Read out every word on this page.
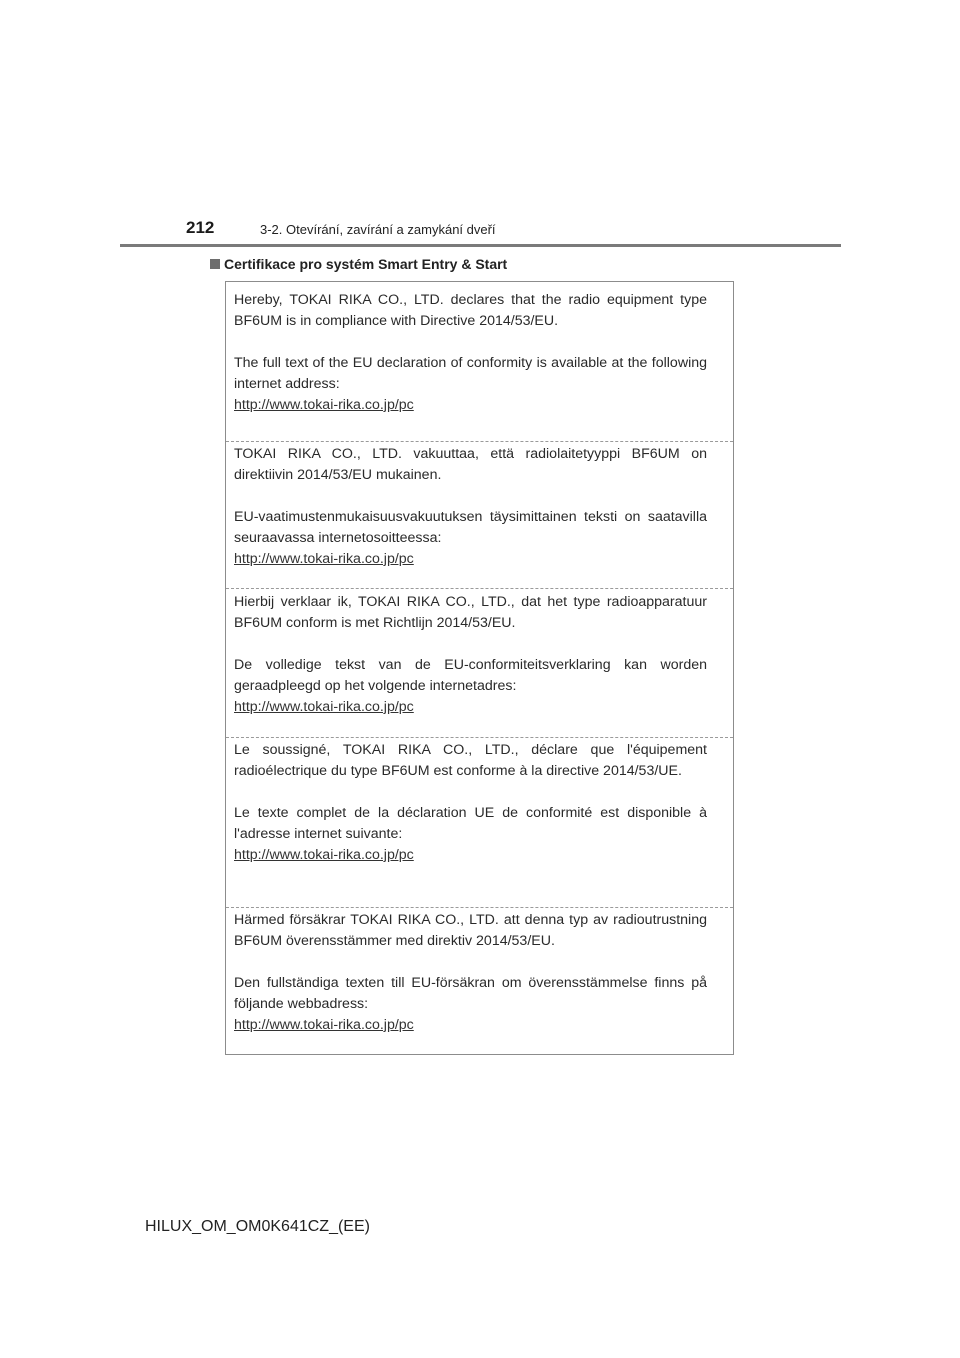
212	3-2. Otevírání, zavírání a zamykání dveří
Certifikace pro systém Smart Entry & Start
Hereby, TOKAI RIKA CO., LTD. declares that the radio equipment type BF6UM is in compliance with Directive 2014/53/EU.
The full text of the EU declaration of conformity is available at the following internet address:
http://www.tokai-rika.co.jp/pc
TOKAI RIKA CO., LTD. vakuuttaa, että radiolaitetyyppi BF6UM on direktiivin 2014/53/EU mukainen.
EU-vaatimustenmukaisuusvakuutuksen täysimittainen teksti on saatavilla seuraavassa internetosoitteessa:
http://www.tokai-rika.co.jp/pc
Hierbij verklaar ik, TOKAI RIKA CO., LTD., dat het type radioapparatuur BF6UM conform is met Richtlijn 2014/53/EU.
De volledige tekst van de EU-conformiteitsverklaring kan worden geraadpleegd op het volgende internetadres:
http://www.tokai-rika.co.jp/pc
Le soussigné, TOKAI RIKA CO., LTD., déclare que l'équipement radioélectrique du type BF6UM est conforme à la directive 2014/53/UE.
Le texte complet de la déclaration UE de conformité est disponible à l'adresse internet suivante:
http://www.tokai-rika.co.jp/pc
Härmed försäkrar TOKAI RIKA CO., LTD. att denna typ av radioutrustning BF6UM överensstämmer med direktiv 2014/53/EU.
Den fullständiga texten till EU-försäkran om överensstämmelse finns på följande webbadress:
http://www.tokai-rika.co.jp/pc
HILUX_OM_OM0K641CZ_(EE)
